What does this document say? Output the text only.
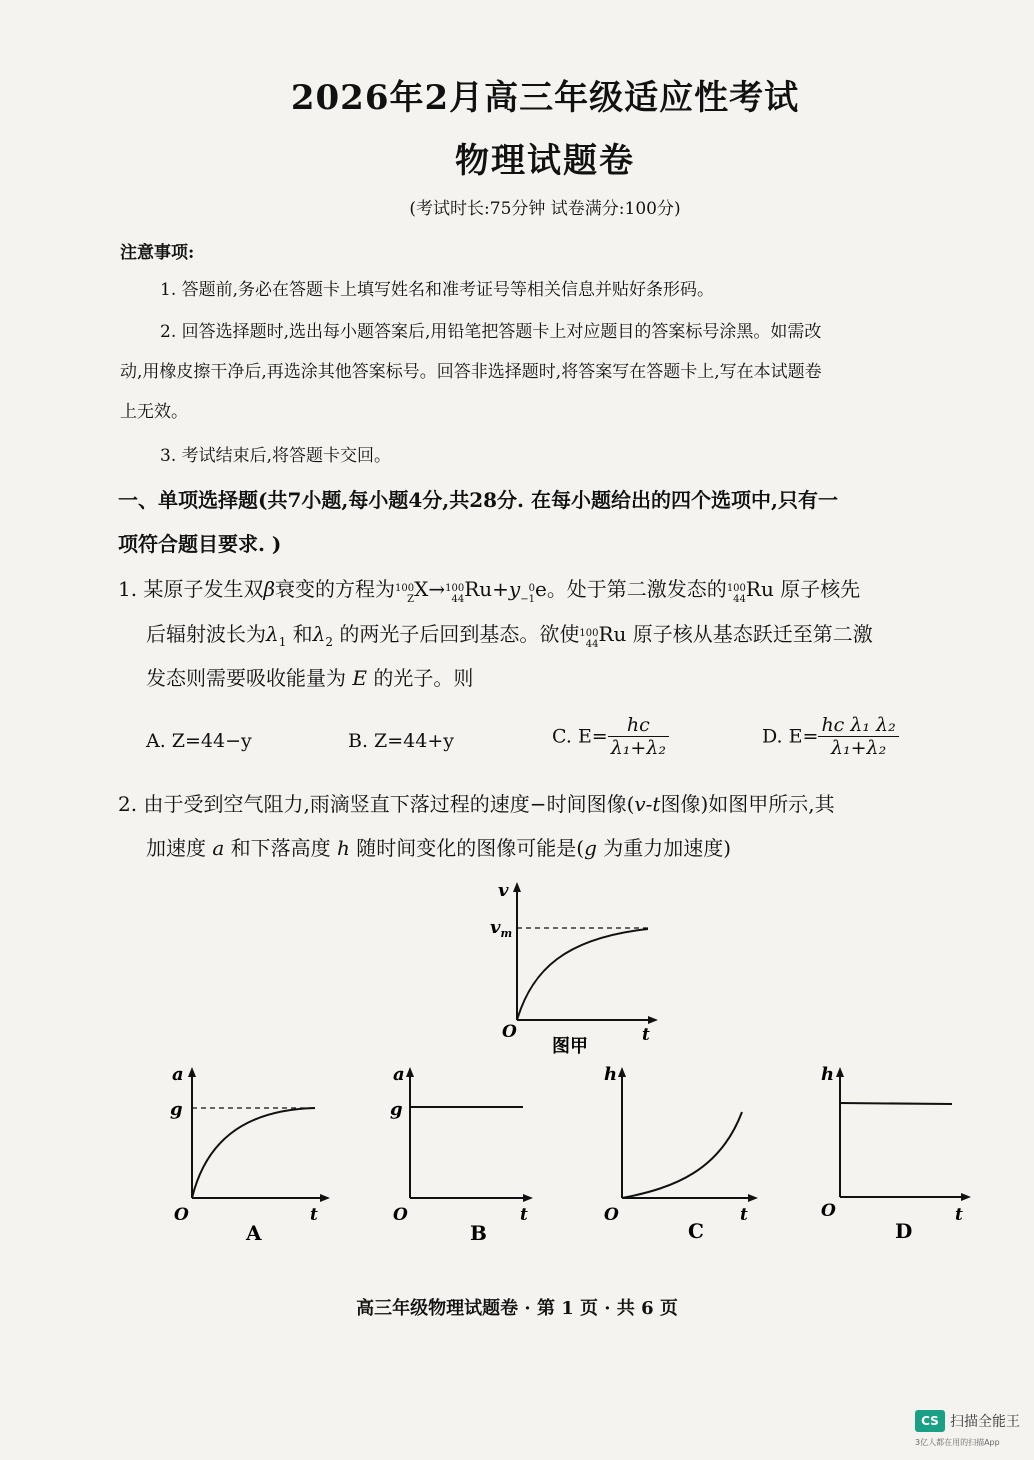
2026年2月高三年级适应性考试
物理试题卷
(考试时长:75分钟 试卷满分:100分)
注意事项:
1. 答题前,务必在答题卡上填写姓名和准考证号等相关信息并贴好条形码。
2. 回答选择题时,选出每小题答案后,用铅笔把答题卡上对应题目的答案标号涂黑。如需改
动,用橡皮擦干净后,再选涂其他答案标号。回答非选择题时,将答案写在答题卡上,写在本试题卷
上无效。
3. 考试结束后,将答题卡交回。
一、单项选择题(共7小题,每小题4分,共28分. 在每小题给出的四个选项中,只有一
项符合题目要求. )
1. 某原子发生双β衰变的方程为 100
Z X→ 100
44 Ru+y 0
−1 e。处于第二激发态的 100
44 Ru 原子核先
后辐射波长为$\lambda_1$ 和$\lambda_2$ 的两光子后回到基态。欲使 100
44 Ru 原子核从基态跃迁至第二激
发态则需要吸收能量为 E 的光子。则
A. Z=44−y	B. Z=44+y	C. $E= \frac{hc}{\text{λ₁+λ₂}}$	D. $E= \frac{\text{hc λ₁ λ₂}}{\text{λ₁+λ₂}}$
2. 由于受到空气阻力,雨滴竖直下落过程的速度−时间图像(v-t图像)如图甲所示,其
加速度 a 和下落高度 h 随时间变化的图像可能是(g 为重力加速度)
v
$v_m$
O	t
图甲
a
g
O	t
A
a
g
O	t
B
h
O	t
C
h
O	t
D
高三年级物理试题卷 · 第 1 页 · 共 6 页
CS 扫描全能王
3亿人都在用的扫描App
